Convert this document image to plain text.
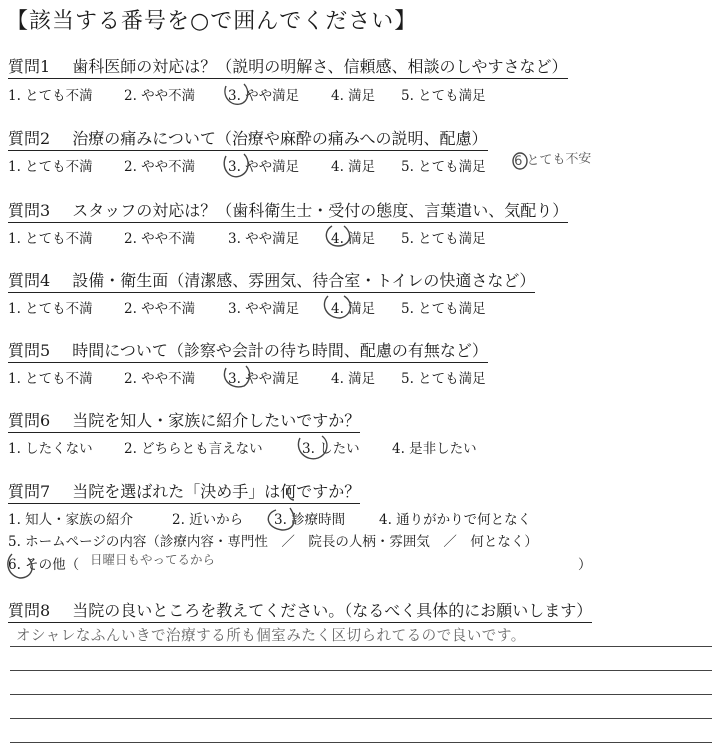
【該当する番号を○で囲んでください】
質問1 歯科医師の対応は？（説明の明解さ、信頼感、相談のしやすさなど）
1. とても不満 2. やや不満 3. やや満足 4. 満足 5. とても満足
質問2 治療の痛みについて（治療や麻酔の痛みへの説明、配慮）
1. とても不満 2. やや不満 3. やや満足 4. 満足 5. とても満足 6 とても不安
質問3 スタッフの対応は？（歯科衛生士・受付の態度、言葉遣い、気配り）
1. とても不満 2. やや不満 3. やや満足 4. 満足 5. とても満足
質問4 設備・衛生面（清潔感、雰囲気、待合室・トイレの快適さなど）
1. とても不満 2. やや不満 3. やや満足 4. 満足 5. とても満足
質問5 時間について（診察や会計の待ち時間、配慮の有無など）
1. とても不満 2. やや不満 3. やや満足 4. 満足 5. とても満足
質問6 当院を知人・家族に紹介したいですか？
1. したくない 2. どちらとも言えない	3. したい 4. 是非したい
質問7 当院を選ばれた「決め手」は何ですか？
1. 知人・家族の紹介	2. 近いから 3. 診療時間	4. 通りがかりで何となく
5. ホームページの内容（診療内容・専門性　／　院長の人柄・雰囲気　／　何となく）
6. その他（ 日曜日もやってるから	）
質問8 当院の良いところを教えてください。（なるべく具体的にお願いします）
オシャレなふんいきで治療する所も個室みたく区切られてるので良いです。
